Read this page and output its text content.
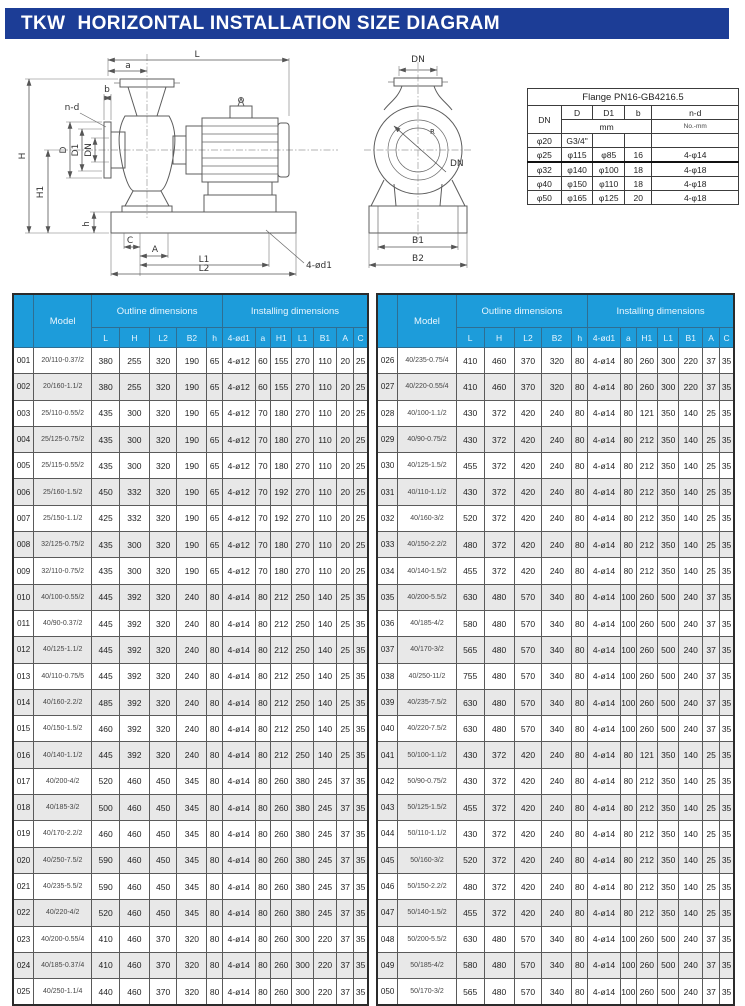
TKW HORIZONTAL INSTALLATION SIZE DIAGRAM
L
a
b
n-d
D D1 DN
H
H1
h
C
A
L1
L2	4-ød1
DN
R
DN
B1
B2
Flange PN16-GB4216.5				
DN	D	D1	b	n-d
	mm			No.-mm
φ20	G3/4"			
φ25	φ115	φ85	16	4-φ14
φ32	φ140	φ100	18	4-φ18
φ40	φ150	φ110	18	4-φ18
φ50	φ165	φ125	20	4-φ18
	Model	Outline dimensions					Installing dimensions						
		L	H	L2	B2	h	4-ød1	a	H1	L1	B1	A	C
001	20/110-0.37/2	380	255	320	190	65	4-ø12	60	155	270	110	20	25
002	20/160-1.1/2	380	255	320	190	65	4-ø12	60	155	270	110	20	25
003	25/110-0.55/2	435	300	320	190	65	4-ø12	70	180	270	110	20	25
004	25/125-0.75/2	435	300	320	190	65	4-ø12	70	180	270	110	20	25
005	25/115-0.55/2	435	300	320	190	65	4-ø12	70	180	270	110	20	25
006	25/160-1.5/2	450	332	320	190	65	4-ø12	70	192	270	110	20	25
007	25/150-1.1/2	425	332	320	190	65	4-ø12	70	192	270	110	20	25
008	32/125-0.75/2	435	300	320	190	65	4-ø12	70	180	270	110	20	25
009	32/110-0.75/2	435	300	320	190	65	4-ø12	70	180	270	110	20	25
010	40/100-0.55/2	445	392	320	240	80	4-ø14	80	212	250	140	25	35
011	40/90-0.37/2	445	392	320	240	80	4-ø14	80	212	250	140	25	35
012	40/125-1.1/2	445	392	320	240	80	4-ø14	80	212	250	140	25	35
013	40/110-0.75/5	445	392	320	240	80	4-ø14	80	212	250	140	25	35
014	40/160-2.2/2	485	392	320	240	80	4-ø14	80	212	250	140	25	35
015	40/150-1.5/2	460	392	320	240	80	4-ø14	80	212	250	140	25	35
016	40/140-1.1/2	445	392	320	240	80	4-ø14	80	212	250	140	25	35
017	40/200-4/2	520	460	450	345	80	4-ø14	80	260	380	245	37	35
018	40/185-3/2	500	460	450	345	80	4-ø14	80	260	380	245	37	35
019	40/170-2.2/2	460	460	450	345	80	4-ø14	80	260	380	245	37	35
020	40/250-7.5/2	590	460	450	345	80	4-ø14	80	260	380	245	37	35
021	40/235-5.5/2	590	460	450	345	80	4-ø14	80	260	380	245	37	35
022	40/220-4/2	520	460	450	345	80	4-ø14	80	260	380	245	37	35
023	40/200-0.55/4	410	460	370	320	80	4-ø14	80	260	300	220	37	35
024	40/185-0.37/4	410	460	370	320	80	4-ø14	80	260	300	220	37	35
025	40/250-1.1/4	440	460	370	320	80	4-ø14	80	260	300	220	37	35
	Model	Outline dimensions					Installing dimensions						
		L	H	L2	B2	h	4-ød1	a	H1	L1	B1	A	C
026	40/235-0.75/4	410	460	370	320	80	4-ø14	80	260	300	220	37	35
027	40/220-0.55/4	410	460	370	320	80	4-ø14	80	260	300	220	37	35
028	40/100-1.1/2	430	372	420	240	80	4-ø14	80	121	350	140	25	35
029	40/90-0.75/2	430	372	420	240	80	4-ø14	80	212	350	140	25	35
030	40/125-1.5/2	455	372	420	240	80	4-ø14	80	212	350	140	25	35
031	40/110-1.1/2	430	372	420	240	80	4-ø14	80	212	350	140	25	35
032	40/160-3/2	520	372	420	240	80	4-ø14	80	212	350	140	25	35
033	40/150-2.2/2	480	372	420	240	80	4-ø14	80	212	350	140	25	35
034	40/140-1.5/2	455	372	420	240	80	4-ø14	80	212	350	140	25	35
035	40/200-5.5/2	630	480	570	340	80	4-ø14	100	260	500	240	37	35
036	40/185-4/2	580	480	570	340	80	4-ø14	100	260	500	240	37	35
037	40/170-3/2	565	480	570	340	80	4-ø14	100	260	500	240	37	35
038	40/250-11/2	755	480	570	340	80	4-ø14	100	260	500	240	37	35
039	40/235-7.5/2	630	480	570	340	80	4-ø14	100	260	500	240	37	35
040	40/220-7.5/2	630	480	570	340	80	4-ø14	100	260	500	240	37	35
041	50/100-1.1/2	430	372	420	240	80	4-ø14	80	121	350	140	25	35
042	50/90-0.75/2	430	372	420	240	80	4-ø14	80	212	350	140	25	35
043	50/125-1.5/2	455	372	420	240	80	4-ø14	80	212	350	140	25	35
044	50/110-1.1/2	430	372	420	240	80	4-ø14	80	212	350	140	25	35
045	50/160-3/2	520	372	420	240	80	4-ø14	80	212	350	140	25	35
046	50/150-2.2/2	480	372	420	240	80	4-ø14	80	212	350	140	25	35
047	50/140-1.5/2	455	372	420	240	80	4-ø14	80	212	350	140	25	35
048	50/200-5.5/2	630	480	570	340	80	4-ø14	100	260	500	240	37	35
049	50/185-4/2	580	480	570	340	80	4-ø14	100	260	500	240	37	35
050	50/170-3/2	565	480	570	340	80	4-ø14	100	260	500	240	37	35
